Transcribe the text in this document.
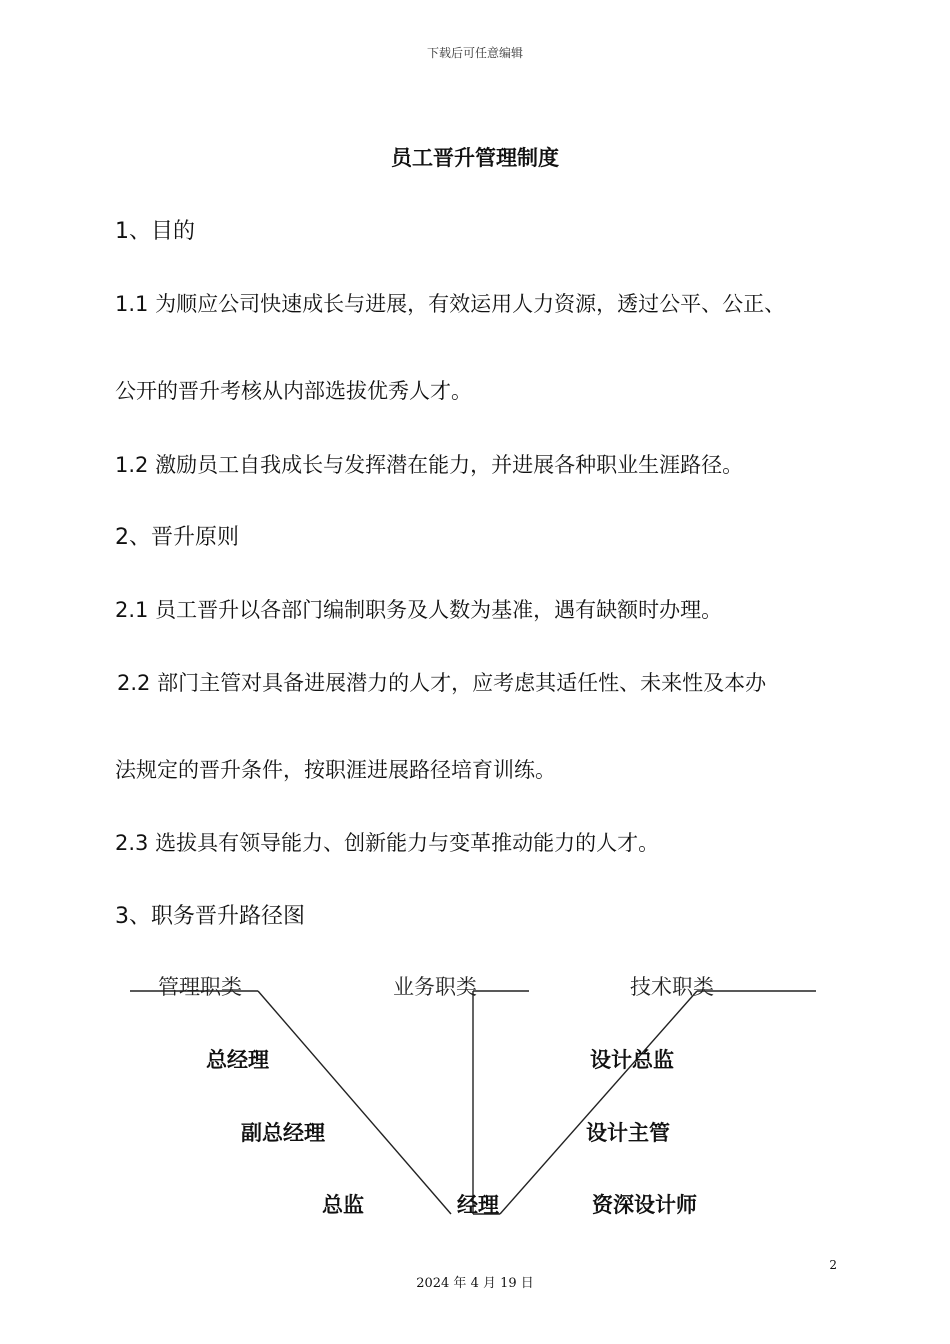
下载后可任意编辑
员工晋升管理制度
1、目的
1.1 为顺应公司快速成长与进展，有效运用人力资源，透过公平、公正、
公开的晋升考核从内部选拔优秀人才。
1.2 激励员工自我成长与发挥潜在能力，并进展各种职业生涯路径。
2、晋升原则
2.1 员工晋升以各部门编制职务及人数为基准，遇有缺额时办理。
2.2 部门主管对具备进展潜力的人才，应考虑其适任性、未来性及本办
法规定的晋升条件，按职涯进展路径培育训练。
2.3 选拔具有领导能力、创新能力与变革推动能力的人才。
3、职务晋升路径图
管理职类	业务职类	技术职类
总经理
副总经理
总监	经理
设计总监
设计主管
资深设计师
2
2024 年 4 月 19 日
